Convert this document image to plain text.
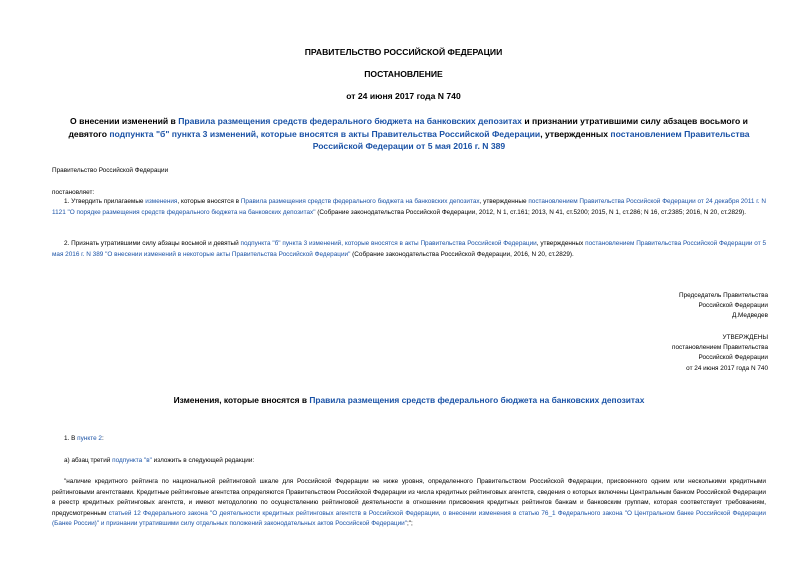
ПРАВИТЕЛЬСТВО РОССИЙСКОЙ ФЕДЕРАЦИИ
ПОСТАНОВЛЕНИЕ
от 24 июня 2017 года N 740
О внесении изменений в Правила размещения средств федерального бюджета на банковских депозитах и признании утратившими силу абзацев восьмого и девятого подпункта "б" пункта 3 изменений, которые вносятся в акты Правительства Российской Федерации, утвержденных постановлением Правительства Российской Федерации от 5 мая 2016 г. N 389
Правительство Российской Федерации
постановляет:
1. Утвердить прилагаемые изменения, которые вносятся в Правила размещения средств федерального бюджета на банковских депозитах, утвержденные постановлением Правительства Российской Федерации от 24 декабря 2011 г. N 1121 "О порядке размещения средств федерального бюджета на банковских депозитах" (Собрание законодательства Российской Федерации, 2012, N 1, ст.161; 2013, N 41, ст.5200; 2015, N 1, ст.286; N 16, ст.2385; 2016, N 20, ст.2829).
2. Признать утратившими силу абзацы восьмой и девятый подпункта "б" пункта 3 изменений, которые вносятся в акты Правительства Российской Федерации, утвержденных постановлением Правительства Российской Федерации от 5 мая 2016 г. N 389 "О внесении изменений в некоторые акты Правительства Российской Федерации" (Собрание законодательства Российской Федерации, 2016, N 20, ст.2829).
Председатель Правительства
Российской Федерации
Д.Медведев
УТВЕРЖДЕНЫ
постановлением Правительства
Российской Федерации
от 24 июня 2017 года N 740
Изменения, которые вносятся в Правила размещения средств федерального бюджета на банковских депозитах
1. В пункте 2:
а) абзац третий подпункта "в" изложить в следующей редакции:
"наличие кредитного рейтинга по национальной рейтинговой шкале для Российской Федерации не ниже уровня, определенного Правительством Российской Федерации, присвоенного одним или несколькими кредитными рейтинговыми агентствами. Кредитные рейтинговые агентства определяются Правительством Российской Федерации из числа кредитных рейтинговых агентств, сведения о которых включены Центральным банком Российской Федерации в реестр кредитных рейтинговых агентств, и имеют методологию по осуществлению рейтинговой деятельности в отношении присвоения кредитных рейтингов банкам и банковским группам, которая соответствует требованиям, предусмотренным статьей 12 Федерального закона "О деятельности кредитных рейтинговых агентств в Российской Федерации, о внесении изменения в статью 76_1 Федерального закона "О Центральном банке Российской Федерации (Банке России)" и признании утратившими силу отдельных положений законодательных актов Российской Федерации";";
